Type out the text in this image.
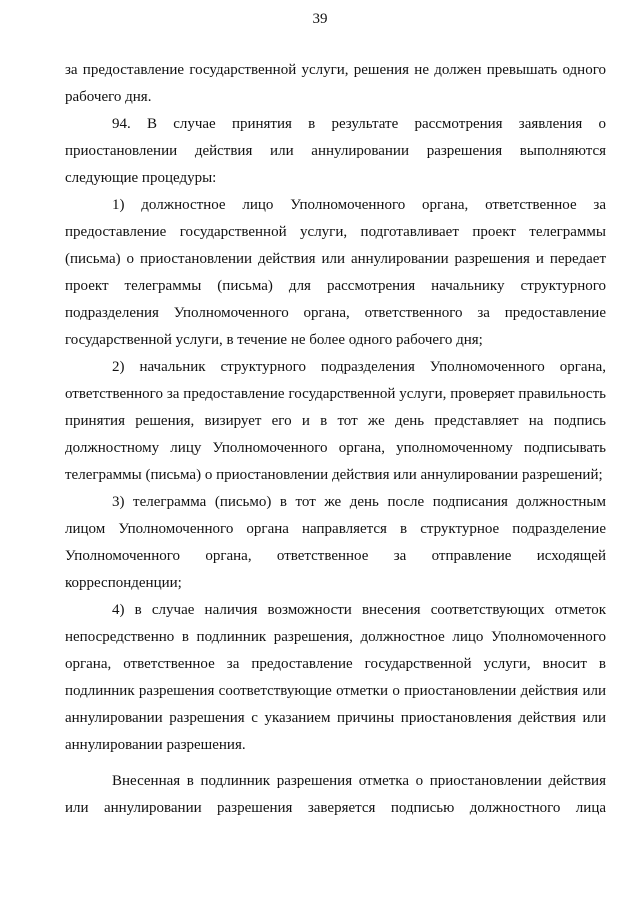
39

за предоставление государственной услуги, решения не должен превышать одного рабочего дня.

94. В случае принятия в результате рассмотрения заявления о приостановлении действия или аннулировании разрешения выполняются следующие процедуры:

1) должностное лицо Уполномоченного органа, ответственное за предоставление государственной услуги, подготавливает проект телеграммы (письма) о приостановлении действия или аннулировании разрешения и передает проект телеграммы (письма) для рассмотрения начальнику структурного подразделения Уполномоченного органа, ответственного за предоставление государственной услуги, в течение не более одного рабочего дня;

2) начальник структурного подразделения Уполномоченного органа, ответственного за предоставление государственной услуги, проверяет правильность принятия решения, визирует его и в тот же день представляет на подпись должностному лицу Уполномоченного органа, уполномоченному подписывать телеграммы (письма) о приостановлении действия или аннулировании разрешений;

3) телеграмма (письмо) в тот же день после подписания должностным лицом Уполномоченного органа направляется в структурное подразделение Уполномоченного органа, ответственное за отправление исходящей корреспонденции;

4) в случае наличия возможности внесения соответствующих отметок непосредственно в подлинник разрешения, должностное лицо Уполномоченного органа, ответственное за предоставление государственной услуги, вносит в подлинник разрешения соответствующие отметки о приостановлении действия или аннулировании разрешения с указанием причины приостановления действия или аннулировании разрешения.

Внесенная в подлинник разрешения отметка о приостановлении действия или аннулировании разрешения заверяется подписью должностного лица
